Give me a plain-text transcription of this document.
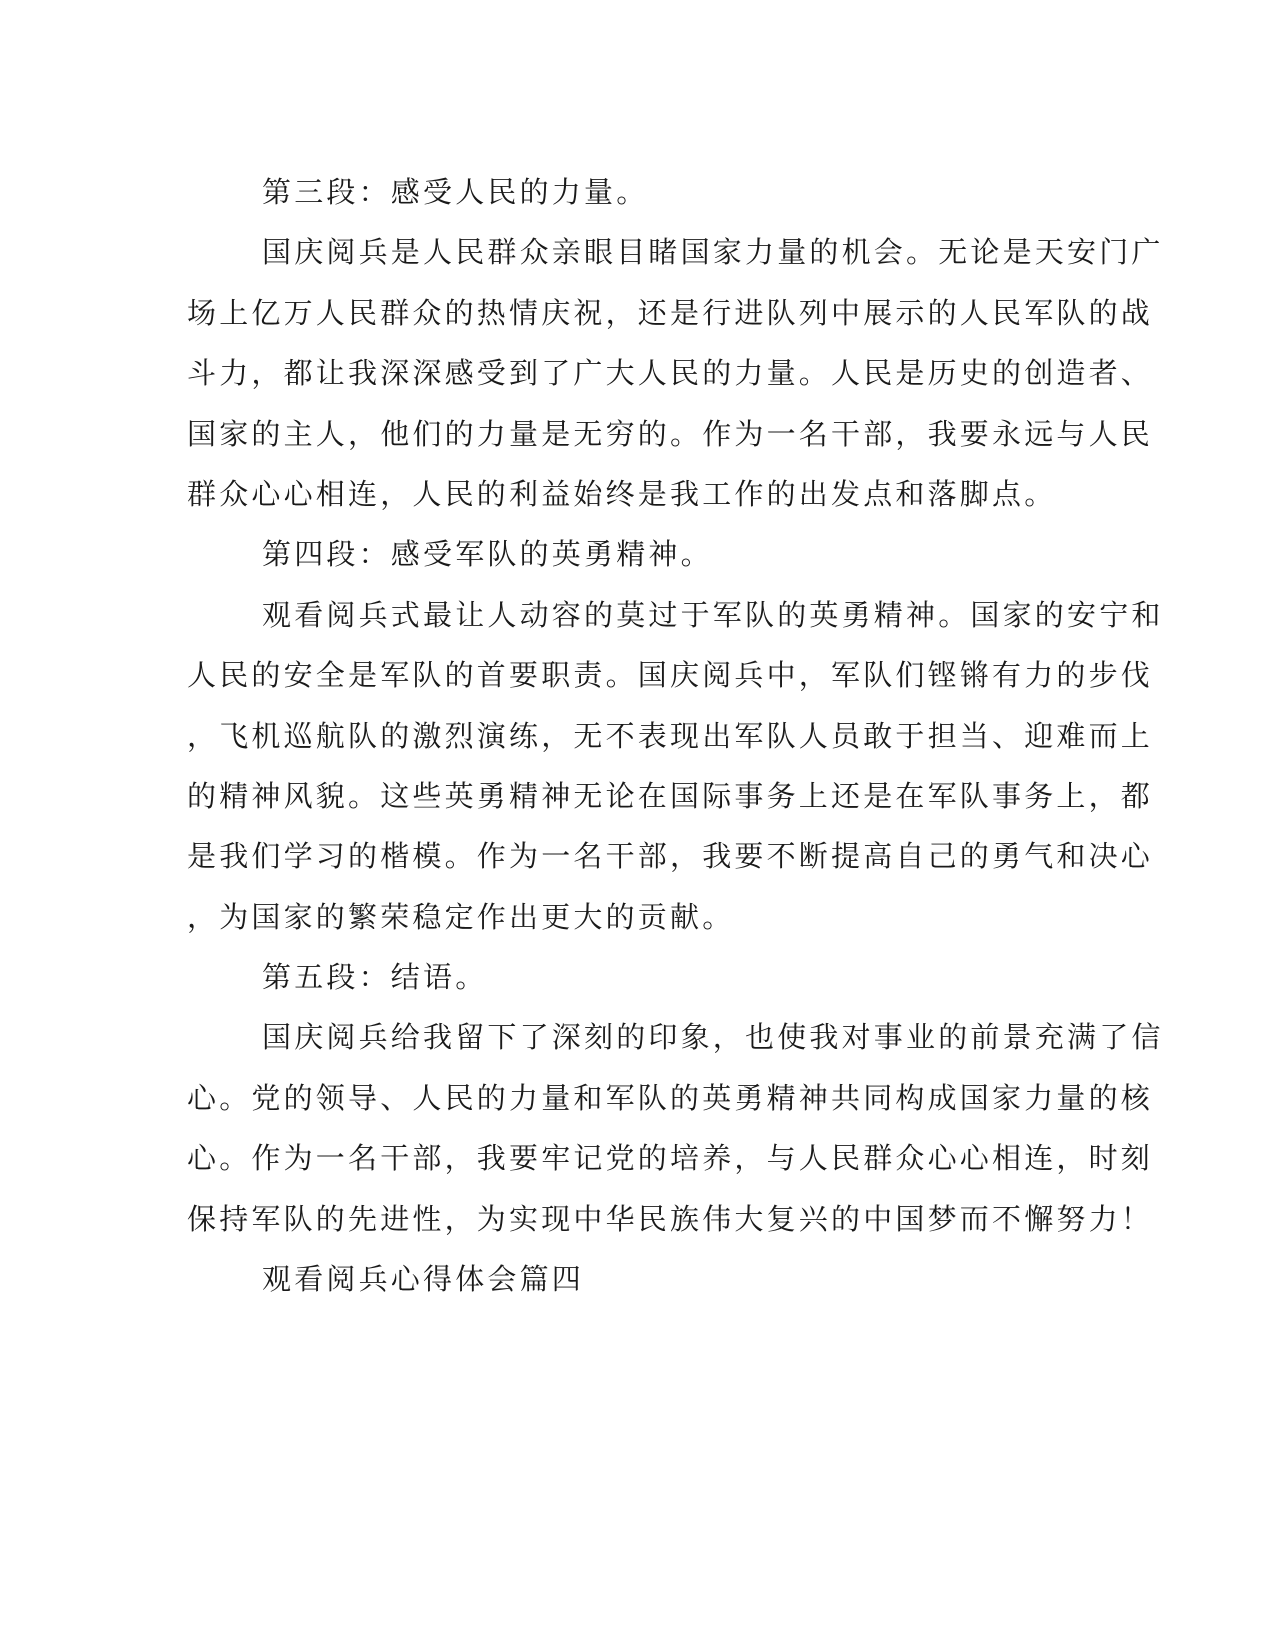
第三段：感受人民的力量。
国庆阅兵是人民群众亲眼目睹国家力量的机会。无论是天安门广
场上亿万人民群众的热情庆祝，还是行进队列中展示的人民军队的战
斗力，都让我深深感受到了广大人民的力量。人民是历史的创造者、
国家的主人，他们的力量是无穷的。作为一名干部，我要永远与人民
群众心心相连，人民的利益始终是我工作的出发点和落脚点。
第四段：感受军队的英勇精神。
观看阅兵式最让人动容的莫过于军队的英勇精神。国家的安宁和
人民的安全是军队的首要职责。国庆阅兵中，军队们铿锵有力的步伐
，飞机巡航队的激烈演练，无不表现出军队人员敢于担当、迎难而上
的精神风貌。这些英勇精神无论在国际事务上还是在军队事务上，都
是我们学习的楷模。作为一名干部，我要不断提高自己的勇气和决心
，为国家的繁荣稳定作出更大的贡献。
第五段：结语。
国庆阅兵给我留下了深刻的印象，也使我对事业的前景充满了信
心。党的领导、人民的力量和军队的英勇精神共同构成国家力量的核
心。作为一名干部，我要牢记党的培养，与人民群众心心相连，时刻
保持军队的先进性，为实现中华民族伟大复兴的中国梦而不懈努力！
观看阅兵心得体会篇四
